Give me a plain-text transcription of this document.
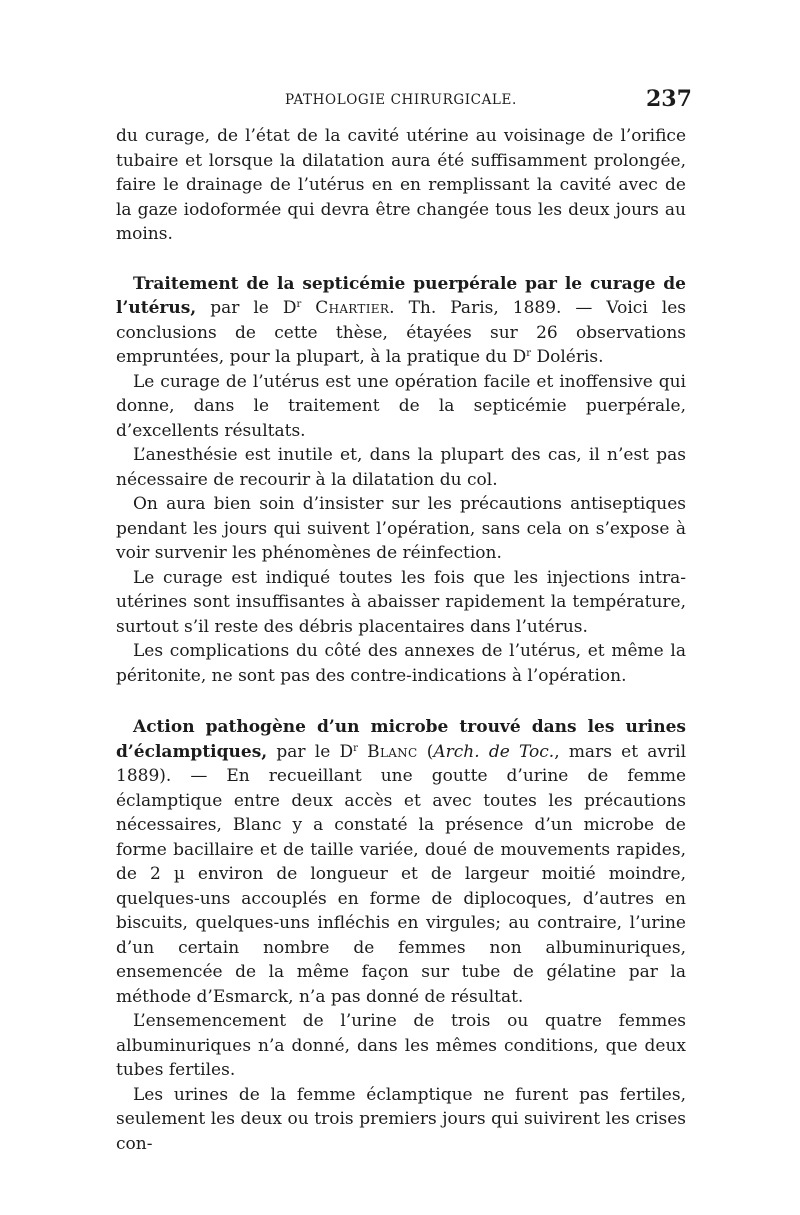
PATHOLOGIE CHIRURGICALE.	237

du curage, de l’état de la cavité utérine au voisinage de l’orifice tubaire et lorsque la dilatation aura été suffisamment prolongée, faire le drainage de l’utérus en en remplissant la cavité avec de la gaze iodoformée qui devra être changée tous les deux jours au moins.

Traitement de la septicémie puerpérale par le curage de l’utérus, par le $D^r$ Chartier. Th. Paris, 1889. — Voici les conclusions de cette thèse, étayées sur 26 observations empruntées, pour la plupart, à la pratique du $D^r$ Doléris.

Le curage de l’utérus est une opération facile et inoffensive qui donne, dans le traitement de la septicémie puerpérale, d’excellents résultats.

L’anesthésie est inutile et, dans la plupart des cas, il n’est pas nécessaire de recourir à la dilatation du col.

On aura bien soin d’insister sur les précautions antiseptiques pendant les jours qui suivent l’opération, sans cela on s’expose à voir survenir les phénomènes de réinfection.

Le curage est indiqué toutes les fois que les injections intra-utérines sont insuffisantes à abaisser rapidement la température, surtout s’il reste des débris placentaires dans l’utérus.

Les complications du côté des annexes de l’utérus, et même la péritonite, ne sont pas des contre-indications à l’opération.

Action pathogène d’un microbe trouvé dans les urines d’éclamptiques, par le $D^r$ Blanc (Arch. de Toc., mars et avril 1889). — En recueillant une goutte d’urine de femme éclamptique entre deux accès et avec toutes les précautions nécessaires, Blanc y a constaté la présence d’un microbe de forme bacillaire et de taille variée, doué de mouvements rapides, de 2 µ environ de longueur et de largeur moitié moindre, quelques-uns accouplés en forme de diplocoques, d’autres en biscuits, quelques-uns infléchis en virgules; au contraire, l’urine d’un certain nombre de femmes non albuminuriques, ensemencée de la même façon sur tube de gélatine par la méthode d’Esmarck, n’a pas donné de résultat.

L’ensemencement de l’urine de trois ou quatre femmes albuminuriques n’a donné, dans les mêmes conditions, que deux tubes fertiles.

Les urines de la femme éclamptique ne furent pas fertiles, seulement les deux ou trois premiers jours qui suivirent les crises con-
